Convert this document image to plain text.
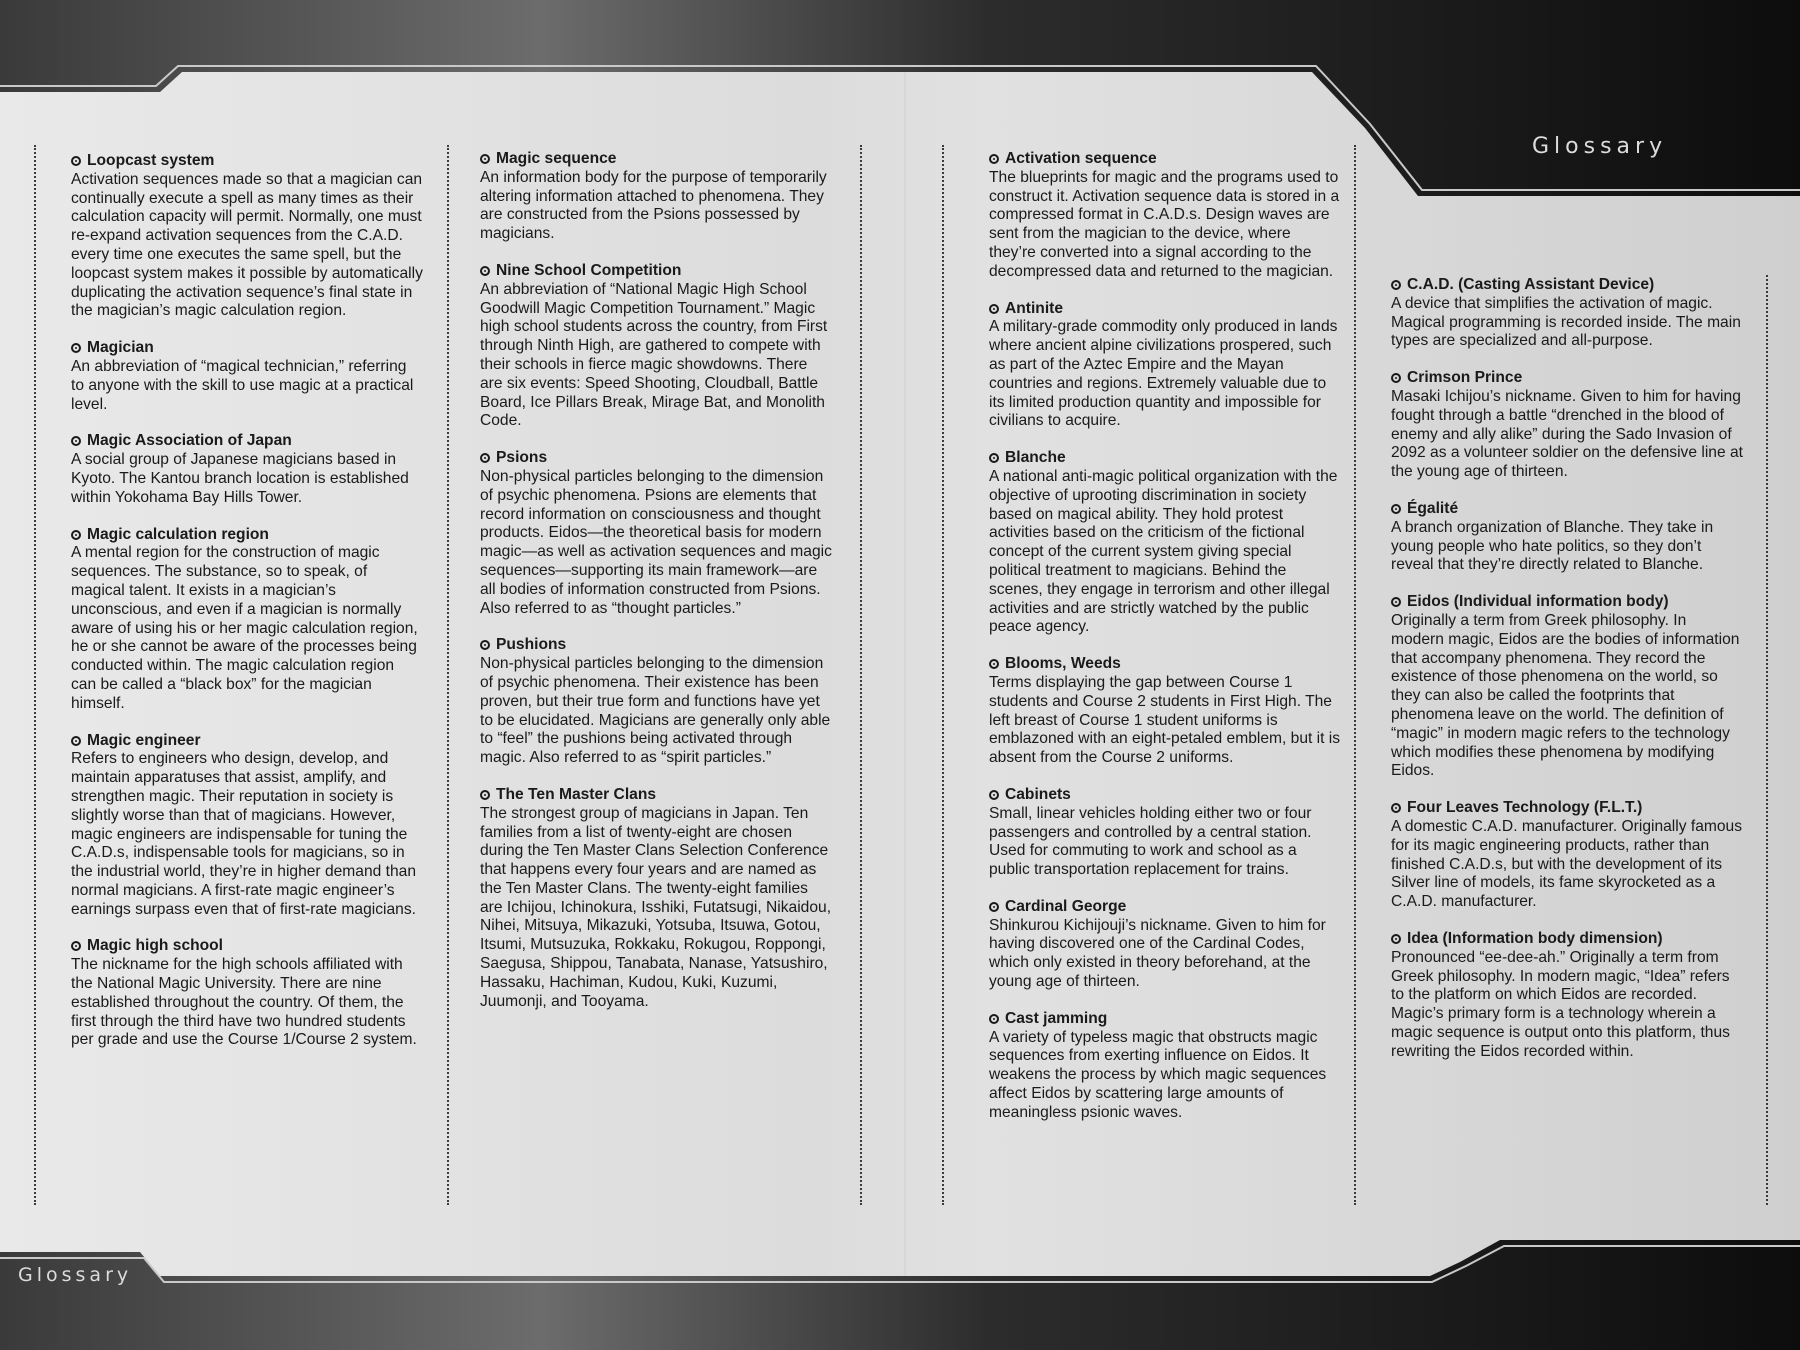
Glossary
Glossary
Loopcast system
Activation sequences made so that a magician can continually execute a spell as many times as their calculation capacity will permit. Normally, one must re-expand activation sequences from the C.A.D. every time one executes the same spell, but the loopcast system makes it possible by automatically duplicating the activation sequence’s final state in the magician’s magic calculation region.
Magician
An abbreviation of “magical technician,” referring to anyone with the skill to use magic at a practical level.
Magic Association of Japan
A social group of Japanese magicians based in Kyoto. The Kantou branch location is established within Yokohama Bay Hills Tower.
Magic calculation region
A mental region for the construction of magic sequences. The substance, so to speak, of magical talent. It exists in a magician’s unconscious, and even if a magician is normally aware of using his or her magic calculation region, he or she cannot be aware of the processes being conducted within. The magic calculation region can be called a “black box” for the magician himself.
Magic engineer
Refers to engineers who design, develop, and maintain apparatuses that assist, amplify, and strengthen magic. Their reputation in society is slightly worse than that of magicians. However, magic engineers are indispensable for tuning the C.A.D.s, indispensable tools for magicians, so in the industrial world, they’re in higher demand than normal magicians. A first-rate magic engineer’s earnings surpass even that of first-rate magicians.
Magic high school
The nickname for the high schools affiliated with the National Magic University. There are nine established throughout the country. Of them, the first through the third have two hundred students per grade and use the Course 1/Course 2 system.
Magic sequence
An information body for the purpose of temporarily altering information attached to phenomena. They are constructed from the Psions possessed by magicians.
Nine School Competition
An abbreviation of “National Magic High School Goodwill Magic Competition Tournament.” Magic high school students across the country, from First through Ninth High, are gathered to compete with their schools in fierce magic showdowns. There are six events: Speed Shooting, Cloudball, Battle Board, Ice Pillars Break, Mirage Bat, and Monolith Code.
Psions
Non-physical particles belonging to the dimension of psychic phenomena. Psions are elements that record information on consciousness and thought products. Eidos—the theoretical basis for modern magic—as well as activation sequences and magic sequences—supporting its main framework—are all bodies of information constructed from Psions. Also referred to as “thought particles.”
Pushions
Non-physical particles belonging to the dimension of psychic phenomena. Their existence has been proven, but their true form and functions have yet to be elucidated. Magicians are generally only able to “feel” the pushions being activated through magic. Also referred to as “spirit particles.”
The Ten Master Clans
The strongest group of magicians in Japan. Ten families from a list of twenty-eight are chosen during the Ten Master Clans Selection Conference that happens every four years and are named as the Ten Master Clans. The twenty-eight families are Ichijou, Ichinokura, Isshiki, Futatsugi, Nikaidou, Nihei, Mitsuya, Mikazuki, Yotsuba, Itsuwa, Gotou, Itsumi, Mutsuzuka, Rokkaku, Rokugou, Roppongi, Saegusa, Shippou, Tanabata, Nanase, Yatsushiro, Hassaku, Hachiman, Kudou, Kuki, Kuzumi, Juumonji, and Tooyama.
Activation sequence
The blueprints for magic and the programs used to construct it. Activation sequence data is stored in a compressed format in C.A.D.s. Design waves are sent from the magician to the device, where they’re converted into a signal according to the decompressed data and returned to the magician.
Antinite
A military-grade commodity only produced in lands where ancient alpine civilizations prospered, such as part of the Aztec Empire and the Mayan countries and regions. Extremely valuable due to its limited production quantity and impossible for civilians to acquire.
Blanche
A national anti-magic political organization with the objective of uprooting discrimination in society based on magical ability. They hold protest activities based on the criticism of the fictional concept of the current system giving special political treatment to magicians. Behind the scenes, they engage in terrorism and other illegal activities and are strictly watched by the public peace agency.
Blooms, Weeds
Terms displaying the gap between Course 1 students and Course 2 students in First High. The left breast of Course 1 student uniforms is emblazoned with an eight-petaled emblem, but it is absent from the Course 2 uniforms.
Cabinets
Small, linear vehicles holding either two or four passengers and controlled by a central station. Used for commuting to work and school as a public transportation replacement for trains.
Cardinal George
Shinkurou Kichijouji’s nickname. Given to him for having discovered one of the Cardinal Codes, which only existed in theory beforehand, at the young age of thirteen.
Cast jamming
A variety of typeless magic that obstructs magic sequences from exerting influence on Eidos. It weakens the process by which magic sequences affect Eidos by scattering large amounts of meaningless psionic waves.
C.A.D. (Casting Assistant Device)
A device that simplifies the activation of magic. Magical programming is recorded inside. The main types are specialized and all-purpose.
Crimson Prince
Masaki Ichijou’s nickname. Given to him for having fought through a battle “drenched in the blood of enemy and ally alike” during the Sado Invasion of 2092 as a volunteer soldier on the defensive line at the young age of thirteen.
Égalité
A branch organization of Blanche. They take in young people who hate politics, so they don’t reveal that they’re directly related to Blanche.
Eidos (Individual information body)
Originally a term from Greek philosophy. In modern magic, Eidos are the bodies of information that accompany phenomena. They record the existence of those phenomena on the world, so they can also be called the footprints that phenomena leave on the world. The definition of “magic” in modern magic refers to the technology which modifies these phenomena by modifying Eidos.
Four Leaves Technology (F.L.T.)
A domestic C.A.D. manufacturer. Originally famous for its magic engineering products, rather than finished C.A.D.s, but with the development of its Silver line of models, its fame skyrocketed as a C.A.D. manufacturer.
Idea (Information body dimension)
Pronounced “ee-dee-ah.” Originally a term from Greek philosophy. In modern magic, “Idea” refers to the platform on which Eidos are recorded. Magic’s primary form is a technology wherein a magic sequence is output onto this platform, thus rewriting the Eidos recorded within.
